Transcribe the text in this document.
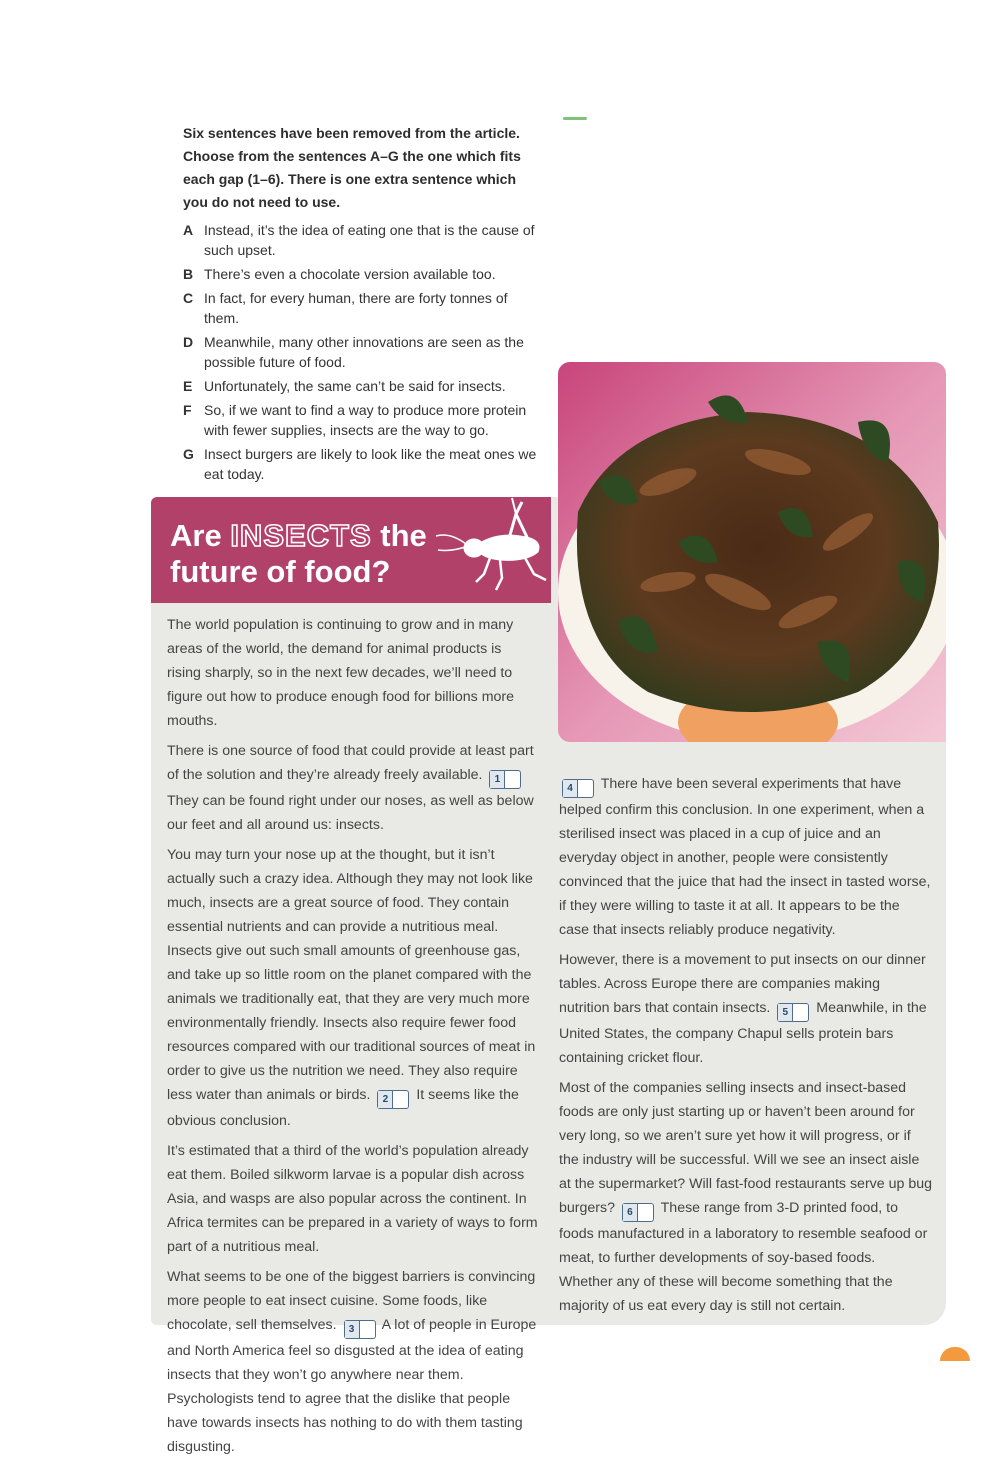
Six sentences have been removed from the article. Choose from the sentences A–G the one which fits each gap (1–6). There is one extra sentence which you do not need to use.
A Instead, it’s the idea of eating one that is the cause of such upset.
B There’s even a chocolate version available too.
C In fact, for every human, there are forty tonnes of them.
D Meanwhile, many other innovations are seen as the possible future of food.
E Unfortunately, the same can’t be said for insects.
F So, if we want to find a way to produce more protein with fewer supplies, insects are the way to go.
G Insect burgers are likely to look like the meat ones we eat today.
Are INSECTS the
future of food?

The world population is continuing to grow and in many areas of the world, the demand for animal products is rising sharply, so in the next few decades, we’ll need to figure out how to produce enough food for billions more mouths.

There is one source of food that could provide at least part of the solution and they’re already freely available. 1 They can be found right under our noses, as well as below our feet and all around us: insects.

You may turn your nose up at the thought, but it isn’t actually such a crazy idea. Although they may not look like much, insects are a great source of food. They contain essential nutrients and can provide a nutritious meal. Insects give out such small amounts of greenhouse gas, and take up so little room on the planet compared with the animals we traditionally eat, that they are very much more environmentally friendly. Insects also require fewer food resources compared with our traditional sources of meat in order to give us the nutrition we need. They also require less water than animals or birds. 2 It seems like the obvious conclusion.

It’s estimated that a third of the world’s population already eat them. Boiled silkworm larvae is a popular dish across Asia, and wasps are also popular across the continent. In Africa termites can be prepared in a variety of ways to form part of a nutritious meal.

What seems to be one of the biggest barriers is convincing more people to eat insect cuisine. Some foods, like chocolate, sell themselves. 3 A lot of people in Europe and North America feel so disgusted at the idea of eating insects that they won’t go anywhere near them. Psychologists tend to agree that the dislike that people have towards insects has nothing to do with them tasting disgusting.

4 There have been several experiments that have helped confirm this conclusion. In one experiment, when a sterilised insect was placed in a cup of juice and an everyday object in another, people were consistently convinced that the juice that had the insect in tasted worse, if they were willing to taste it at all. It appears to be the case that insects reliably produce negativity.

However, there is a movement to put insects on our dinner tables. Across Europe there are companies making nutrition bars that contain insects. 5 Meanwhile, in the United States, the company Chapul sells protein bars containing cricket flour.

Most of the companies selling insects and insect-based foods are only just starting up or haven’t been around for very long, so we aren’t sure yet how it will progress, or if the industry will be successful. Will we see an insect aisle at the supermarket? Will fast-food restaurants serve up bug burgers? 6 These range from 3-D printed food, to foods manufactured in a laboratory to resemble seafood or meat, to further developments of soy-based foods. Whether any of these will become something that the majority of us eat every day is still not certain.
